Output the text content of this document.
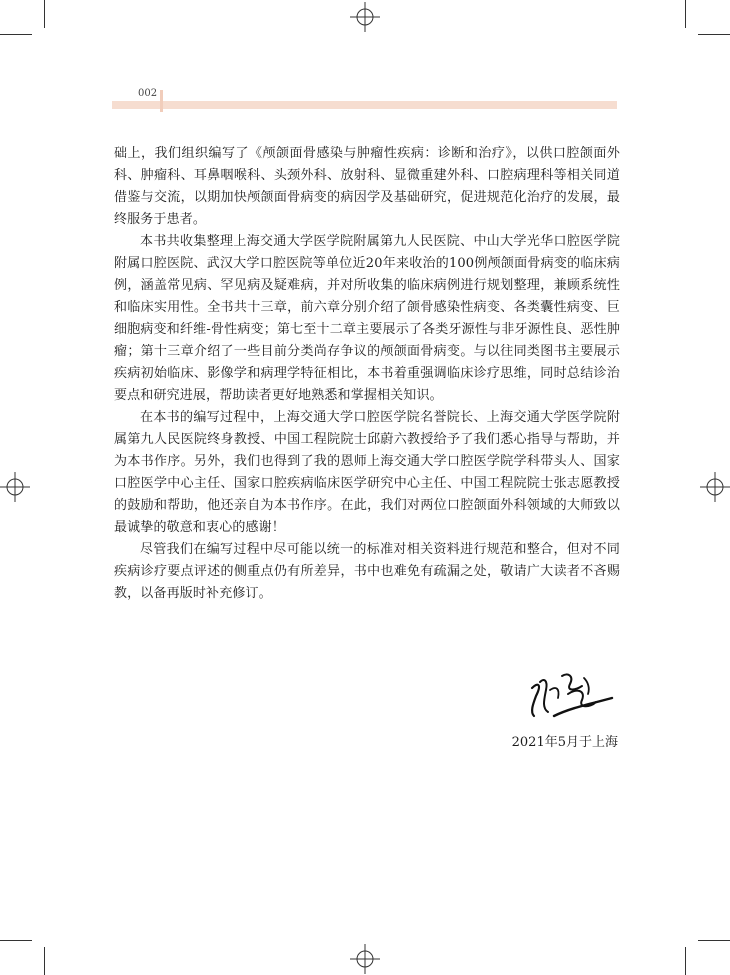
002

础上，我们组织编写了《颅颌面骨感染与肿瘤性疾病：诊断和治疗》，以供口腔颌面外科、肿瘤科、耳鼻咽喉科、头颈外科、放射科、显微重建外科、口腔病理科等相关同道借鉴与交流，以期加快颅颌面骨病变的病因学及基础研究，促进规范化治疗的发展，最终服务于患者。

本书共收集整理上海交通大学医学院附属第九人民医院、中山大学光华口腔医学院附属口腔医院、武汉大学口腔医院等单位近20年来收治的100例颅颌面骨病变的临床病例，涵盖常见病、罕见病及疑难病，并对所收集的临床病例进行规划整理，兼顾系统性和临床实用性。全书共十三章，前六章分别介绍了颌骨感染性病变、各类囊性病变、巨细胞病变和纤维-骨性病变；第七至十二章主要展示了各类牙源性与非牙源性良、恶性肿瘤；第十三章介绍了一些目前分类尚存争议的颅颌面骨病变。与以往同类图书主要展示疾病初始临床、影像学和病理学特征相比，本书着重强调临床诊疗思维，同时总结诊治要点和研究进展，帮助读者更好地熟悉和掌握相关知识。

在本书的编写过程中，上海交通大学口腔医学院名誉院长、上海交通大学医学院附属第九人民医院终身教授、中国工程院院士邱蔚六教授给予了我们悉心指导与帮助，并为本书作序。另外，我们也得到了我的恩师上海交通大学口腔医学院学科带头人、国家口腔医学中心主任、国家口腔疾病临床医学研究中心主任、中国工程院院士张志愿教授的鼓励和帮助，他还亲自为本书作序。在此，我们对两位口腔颌面外科领域的大师致以最诚挚的敬意和衷心的感谢！

尽管我们在编写过程中尽可能以统一的标准对相关资料进行规范和整合，但对不同疾病诊疗要点评述的侧重点仍有所差异，书中也难免有疏漏之处，敬请广大读者不吝赐教，以备再版时补充修订。

2021年5月于上海
